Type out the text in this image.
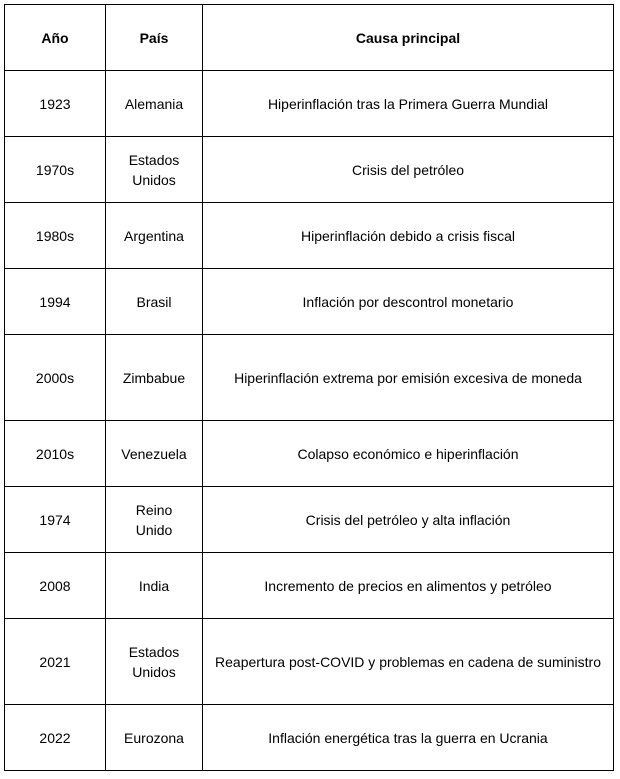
Año	País	Causa principal
1923	Alemania	Hiperinflación tras la Primera Guerra Mundial
1970s	Estados Unidos	Crisis del petróleo
1980s	Argentina	Hiperinflación debido a crisis fiscal
1994	Brasil	Inflación por descontrol monetario
2000s	Zimbabue	Hiperinflación extrema por emisión excesiva de moneda
2010s	Venezuela	Colapso económico e hiperinflación
1974	Reino Unido	Crisis del petróleo y alta inflación
2008	India	Incremento de precios en alimentos y petróleo
2021	Estados Unidos	Reapertura post-COVID y problemas en cadena de suministro
2022	Eurozona	Inflación energética tras la guerra en Ucrania
